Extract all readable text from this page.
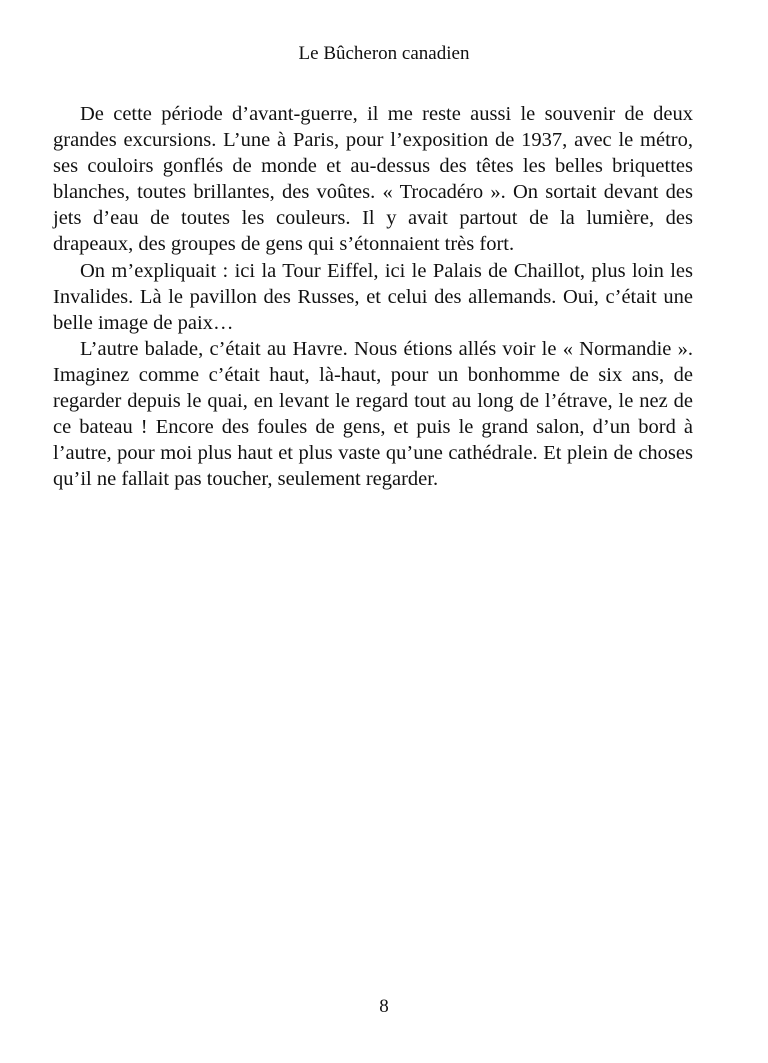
Le Bûcheron canadien

De cette période d’avant-guerre, il me reste aussi le souvenir de deux grandes excursions. L’une à Paris, pour l’exposition de 1937, avec le métro, ses couloirs gonflés de monde et au-dessus des têtes les belles briquettes blanches, toutes brillantes, des voûtes. « Trocadéro ». On sortait devant des jets d’eau de toutes les couleurs. Il y avait partout de la lumière, des drapeaux, des groupes de gens qui s’étonnaient très fort.

On m’expliquait : ici la Tour Eiffel, ici le Palais de Chaillot, plus loin les Invalides. Là le pavillon des Russes, et celui des allemands. Oui, c’était une belle image de paix…

L’autre balade, c’était au Havre. Nous étions allés voir le « Normandie ». Imaginez comme c’était haut, là-haut, pour un bonhomme de six ans, de regarder depuis le quai, en levant le regard tout au long de l’étrave, le nez de ce bateau ! Encore des foules de gens, et puis le grand salon, d’un bord à l’autre, pour moi plus haut et plus vaste qu’une cathédrale. Et plein de choses qu’il ne fallait pas toucher, seulement regarder.

8
